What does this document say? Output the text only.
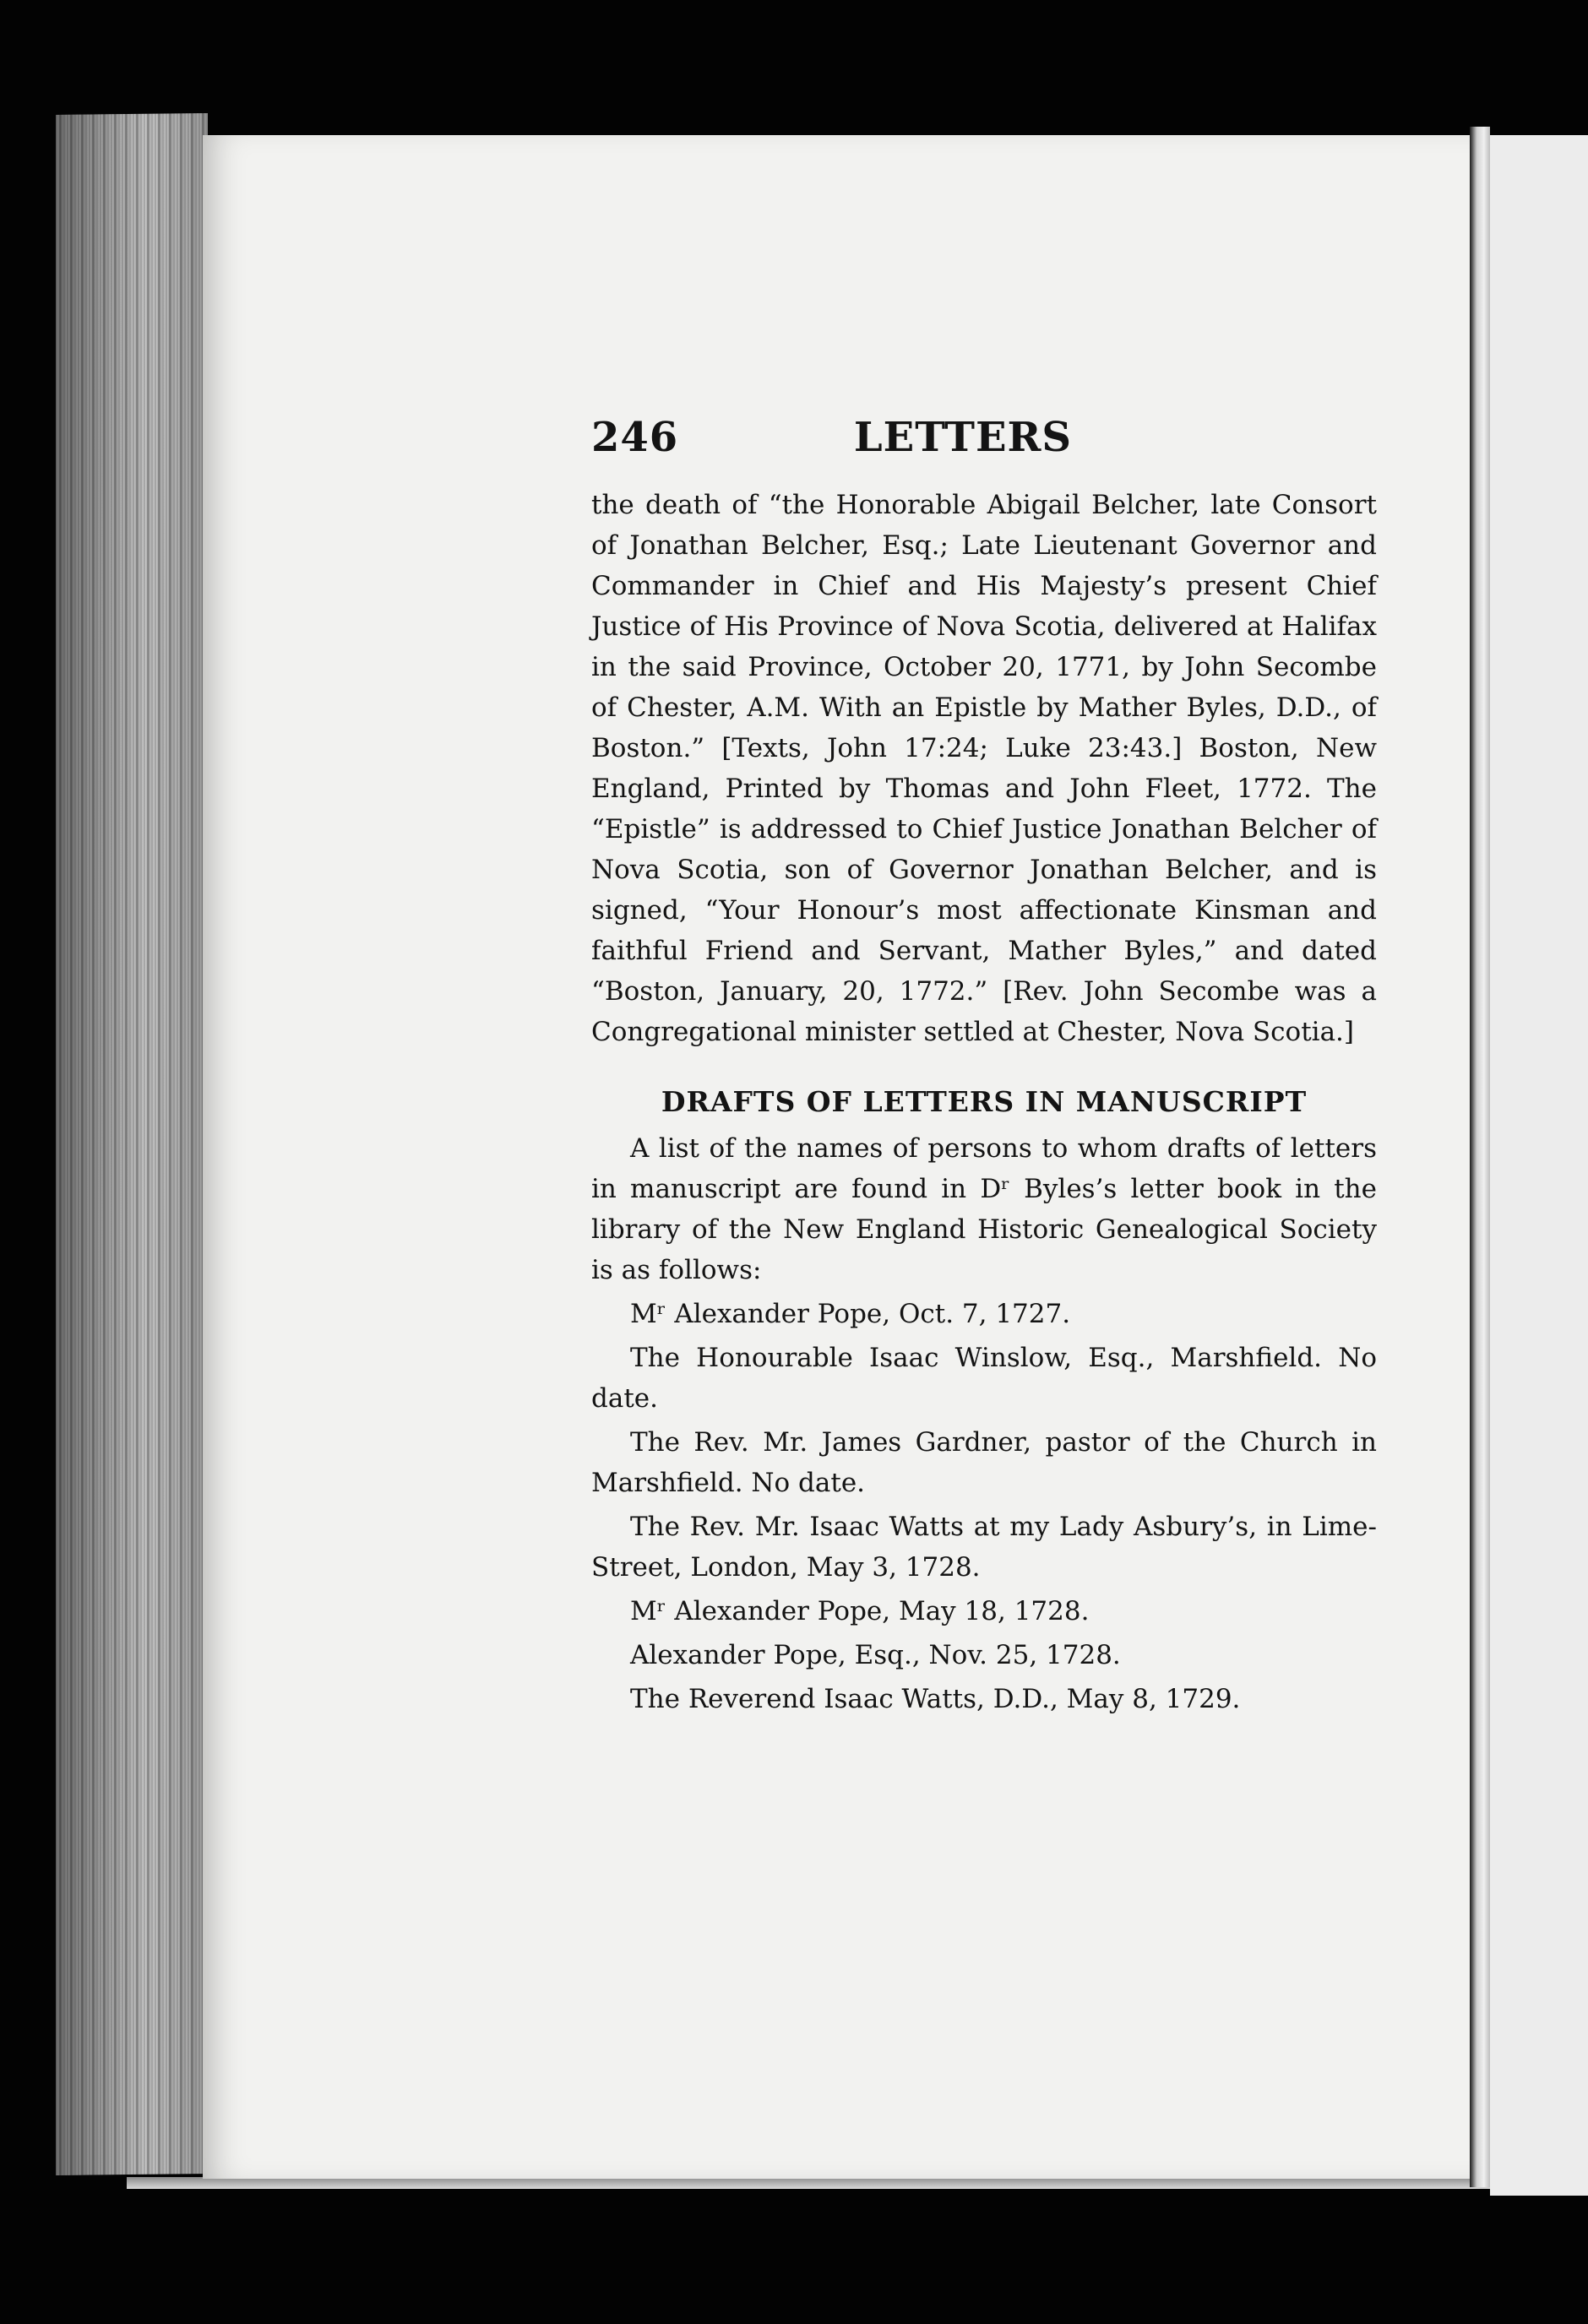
246	LETTERS

the death of “the Honorable Abigail Belcher, late Consort of Jonathan Belcher, Esq.; Late Lieutenant Governor and Commander in Chief and His Majesty’s present Chief Justice of His Province of Nova Scotia, delivered at Halifax in the said Province, October 20, 1771, by John Secombe of Chester, A.M. With an Epistle by Mather Byles, D.D., of Boston.” [Texts, John 17:24; Luke 23:43.] Boston, New England, Printed by Thomas and John Fleet, 1772. The “Epistle” is addressed to Chief Justice Jonathan Belcher of Nova Scotia, son of Governor Jonathan Belcher, and is signed, “Your Honour’s most affectionate Kinsman and faithful Friend and Servant, Mather Byles,” and dated “Boston, January, 20, 1772.” [Rev. John Secombe was a Congregational minister settled at Chester, Nova Scotia.]

DRAFTS OF LETTERS IN MANUSCRIPT

A list of the names of persons to whom drafts of letters in manuscript are found in Dʳ Byles’s letter book in the library of the New England Historic Genealogical Society is as follows:

Mʳ Alexander Pope, Oct. 7, 1727.

The Honourable Isaac Winslow, Esq., Marshfield. No date.

The Rev. Mr. James Gardner, pastor of the Church in Marshfield. No date.

The Rev. Mr. Isaac Watts at my Lady Asbury’s, in Lime-Street, London, May 3, 1728.

Mʳ Alexander Pope, May 18, 1728.

Alexander Pope, Esq., Nov. 25, 1728.

The Reverend Isaac Watts, D.D., May 8, 1729.
